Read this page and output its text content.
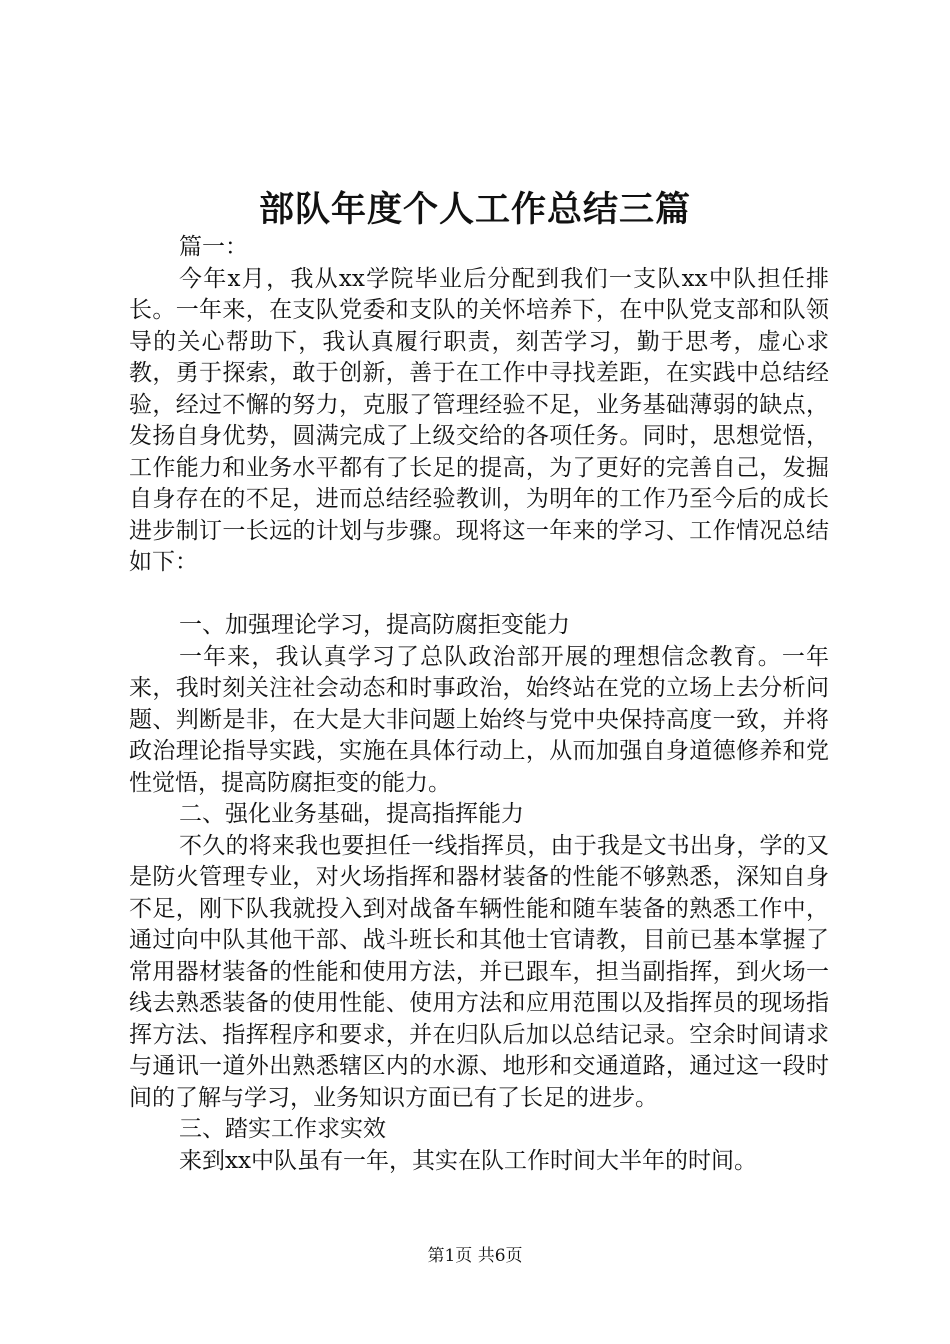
部队年度个人工作总结三篇

篇一：

今年x月，我从xx学院毕业后分配到我们一支队xx中队担任排长。一年来，在支队党委和支队的关怀培养下，在中队党支部和队领导的关心帮助下，我认真履行职责，刻苦学习，勤于思考，虚心求教，勇于探索，敢于创新，善于在工作中寻找差距，在实践中总结经验，经过不懈的努力，克服了管理经验不足，业务基础薄弱的缺点，发扬自身优势，圆满完成了上级交给的各项任务。同时，思想觉悟，工作能力和业务水平都有了长足的提高，为了更好的完善自己，发掘自身存在的不足，进而总结经验教训，为明年的工作乃至今后的成长进步制订一长远的计划与步骤。现将这一年来的学习、工作情况总结如下：

一、加强理论学习，提高防腐拒变能力

一年来，我认真学习了总队政治部开展的理想信念教育。一年来，我时刻关注社会动态和时事政治，始终站在党的立场上去分析问题、判断是非，在大是大非问题上始终与党中央保持高度一致，并将政治理论指导实践，实施在具体行动上，从而加强自身道德修养和党性觉悟，提高防腐拒变的能力。

二、强化业务基础，提高指挥能力

不久的将来我也要担任一线指挥员，由于我是文书出身，学的又是防火管理专业，对火场指挥和器材装备的性能不够熟悉，深知自身不足，刚下队我就投入到对战备车辆性能和随车装备的熟悉工作中，通过向中队其他干部、战斗班长和其他士官请教，目前已基本掌握了常用器材装备的性能和使用方法，并已跟车，担当副指挥，到火场一线去熟悉装备的使用性能、使用方法和应用范围以及指挥员的现场指挥方法、指挥程序和要求，并在归队后加以总结记录。空余时间请求与通讯一道外出熟悉辖区内的水源、地形和交通道路，通过这一段时间的了解与学习，业务知识方面已有了长足的进步。

三、踏实工作求实效

来到xx中队虽有一年，其实在队工作时间大半年的时间。

第1页 共6页
